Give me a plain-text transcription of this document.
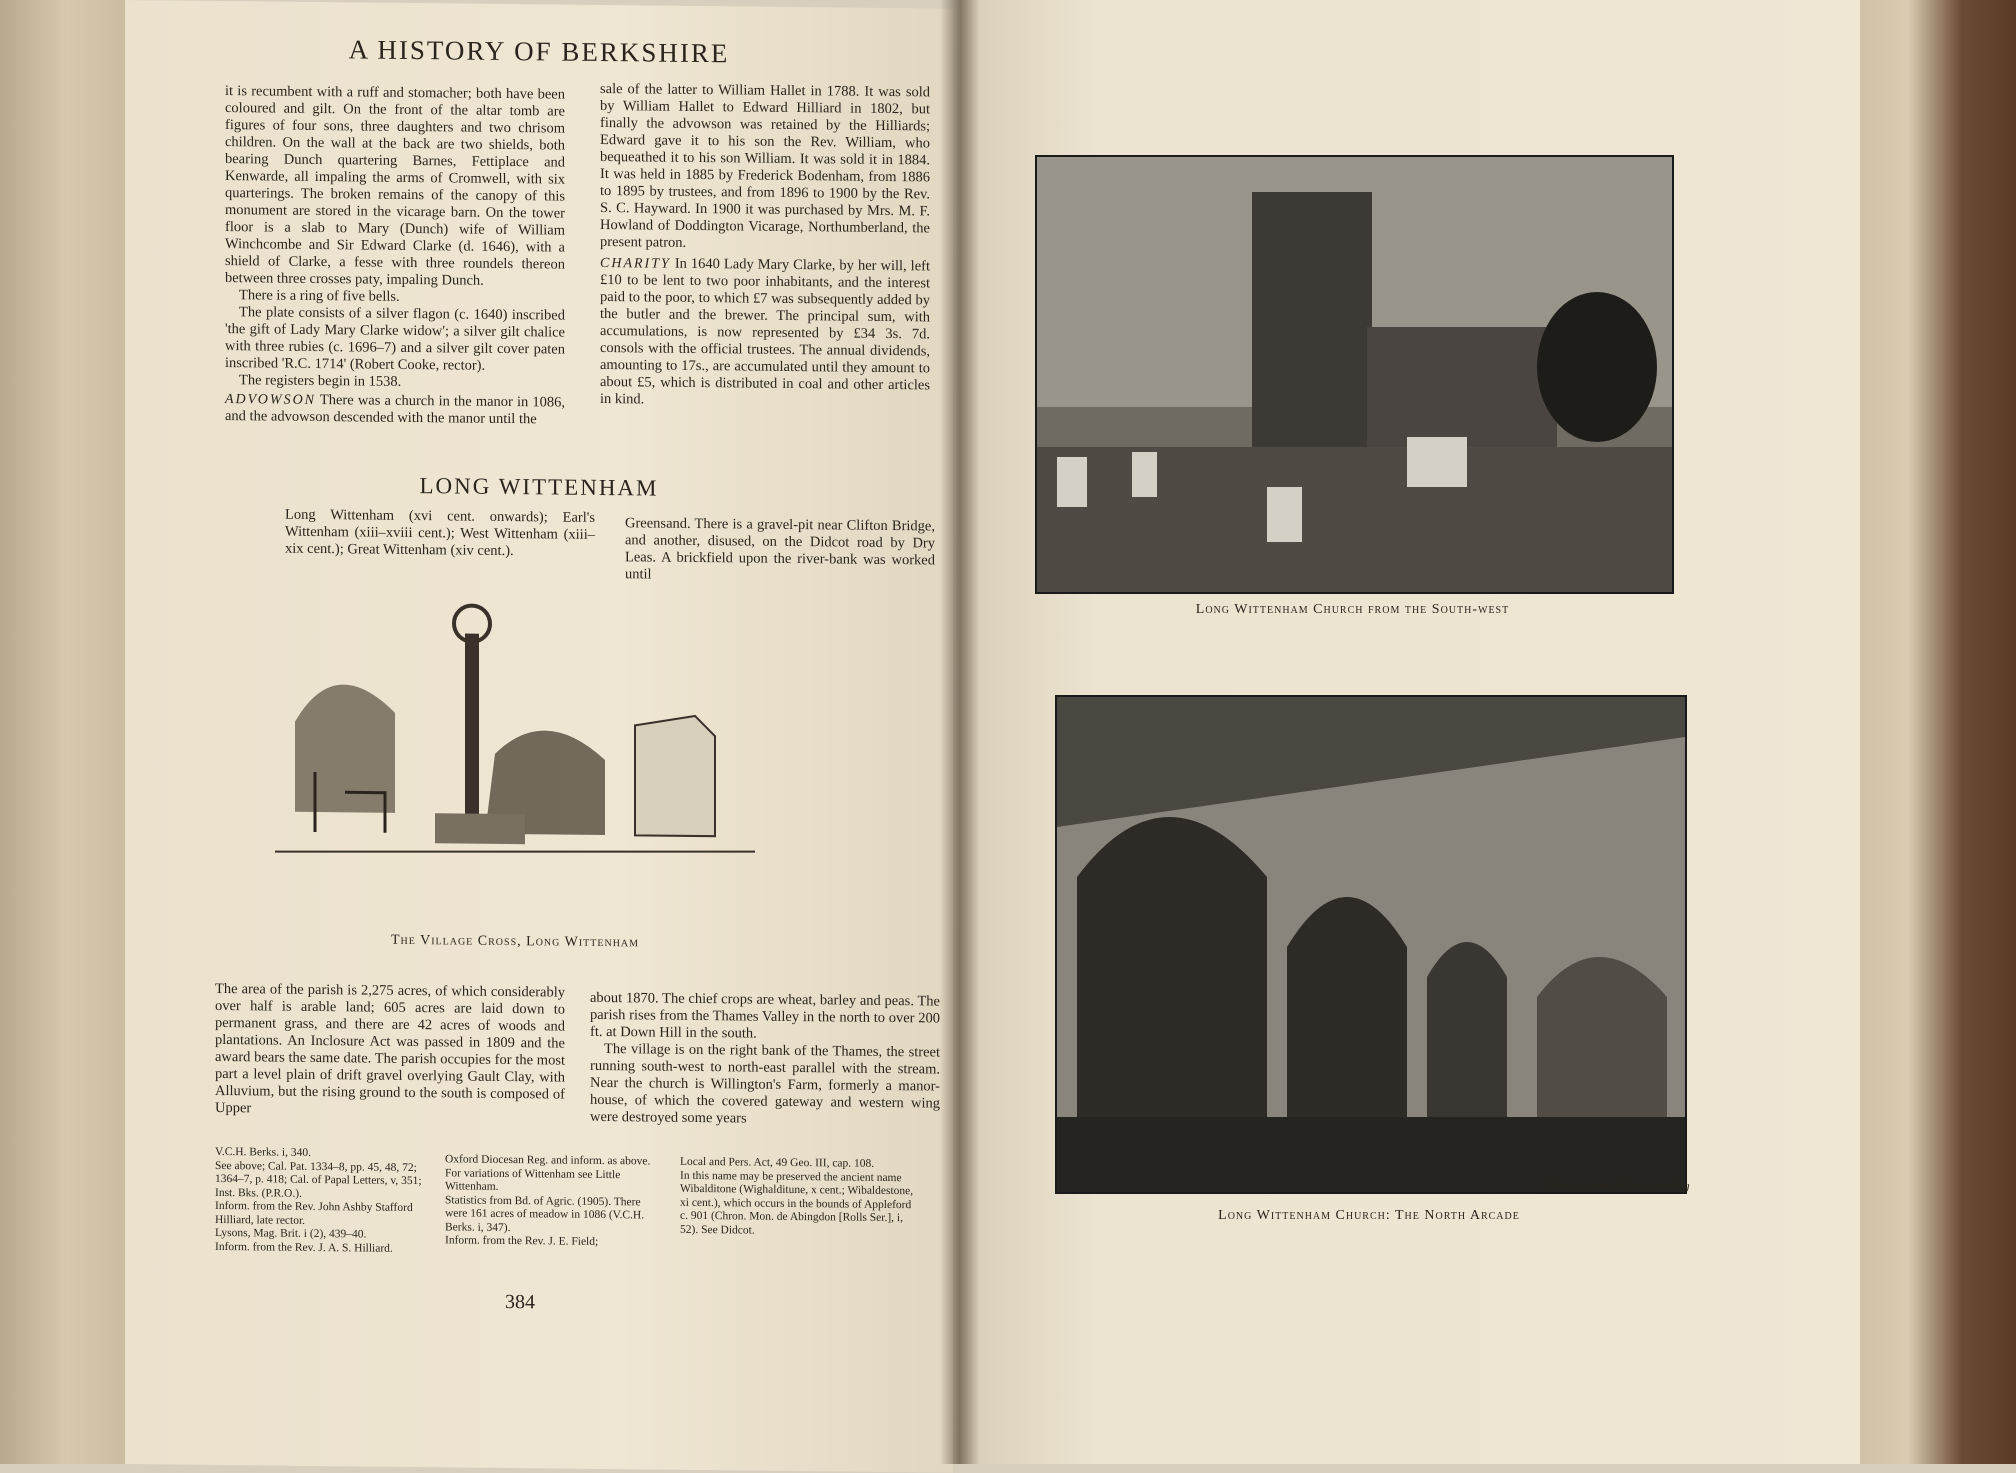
A HISTORY OF BERKSHIRE

it is recumbent with a ruff and stomacher; both have been coloured and gilt. On the front of the altar tomb are figures of four sons, three daughters and two chrisom children. On the wall at the back are two shields, both bearing Dunch quartering Barnes, Fettiplace and Kenwarde, all impaling the arms of Cromwell, with six quarterings. The broken remains of the canopy of this monument are stored in the vicarage barn. On the tower floor is a slab to Mary (Dunch) wife of William Winchcombe and Sir Edward Clarke (d. 1646), with a shield of Clarke, a fesse with three roundels thereon between three crosses paty, impaling Dunch.

There is a ring of five bells.

The plate consists of a silver flagon (c. 1640) inscribed 'the gift of Lady Mary Clarke widow'; a silver gilt chalice with three rubies (c. 1696–7) and a silver gilt cover paten inscribed 'R.C. 1714' (Robert Cooke, rector).

The registers begin in 1538.

ADVOWSON There was a church in the manor in 1086, and the advowson descended with the manor until the

sale of the latter to William Hallet in 1788. It was sold by William Hallet to Edward Hilliard in 1802, but finally the advowson was retained by the Hilliards; Edward gave it to his son the Rev. William, who bequeathed it to his son William. It was sold it in 1884. It was held in 1885 by Frederick Bodenham, from 1886 to 1895 by trustees, and from 1896 to 1900 by the Rev. S. C. Hayward. In 1900 it was purchased by Mrs. M. F. Howland of Doddington Vicarage, Northumberland, the present patron.

CHARITY In 1640 Lady Mary Clarke, by her will, left £10 to be lent to two poor inhabitants, and the interest paid to the poor, to which £7 was subsequently added by the butler and the brewer. The principal sum, with accumulations, is now represented by £34 3s. 7d. consols with the official trustees. The annual dividends, amounting to 17s., are accumulated until they amount to about £5, which is distributed in coal and other articles in kind.

LONG WITTENHAM
Long Wittenham (xvi cent. onwards); Earl's Wittenham (xiii–xviii cent.); West Wittenham (xiii–xix cent.); Great Wittenham (xiv cent.).
Greensand. There is a gravel-pit near Clifton Bridge, and another, disused, on the Didcot road by Dry Leas. A brickfield upon the river-bank was worked until
The Village Cross, Long Wittenham
The area of the parish is 2,275 acres, of which considerably over half is arable land; 605 acres are laid down to permanent grass, and there are 42 acres of woods and plantations. An Inclosure Act was passed in 1809 and the award bears the same date. The parish occupies for the most part a level plain of drift gravel overlying Gault Clay, with Alluvium, but the rising ground to the south is composed of Upper

about 1870. The chief crops are wheat, barley and peas. The parish rises from the Thames Valley in the north to over 200 ft. at Down Hill in the south.

The village is on the right bank of the Thames, the street running south-west to north-east parallel with the stream. Near the church is Willington's Farm, formerly a manor-house, of which the covered gateway and western wing were destroyed some years

V.C.H. Berks. i, 340.

See above; Cal. Pat. 1334–8, pp. 45, 48, 72; 1364–7, p. 418; Cal. of Papal Letters, v, 351; Inst. Bks. (P.R.O.).

Inform. from the Rev. John Ashby Stafford Hilliard, late rector.

Lysons, Mag. Brit. i (2), 439–40.

Inform. from the Rev. J. A. S. Hilliard.

Oxford Diocesan Reg. and inform. as above.

For variations of Wittenham see Little Wittenham.

Statistics from Bd. of Agric. (1905). There were 161 acres of meadow in 1086 (V.C.H. Berks. i, 347).

Inform. from the Rev. J. E. Field;

Local and Pers. Act, 49 Geo. III, cap. 108.

In this name may be preserved the ancient name Wibalditone (Wighalditune, x cent.; Wibaldestone, xi cent.), which occurs in the bounds of Appleford c. 901 (Chron. Mon. de Abingdon [Rolls Ser.], i, 52). See Didcot.

384
Long Wittenham Church from the South-west
[Walton Adams & Sons, Reading
Long Wittenham Church: The North Arcade
